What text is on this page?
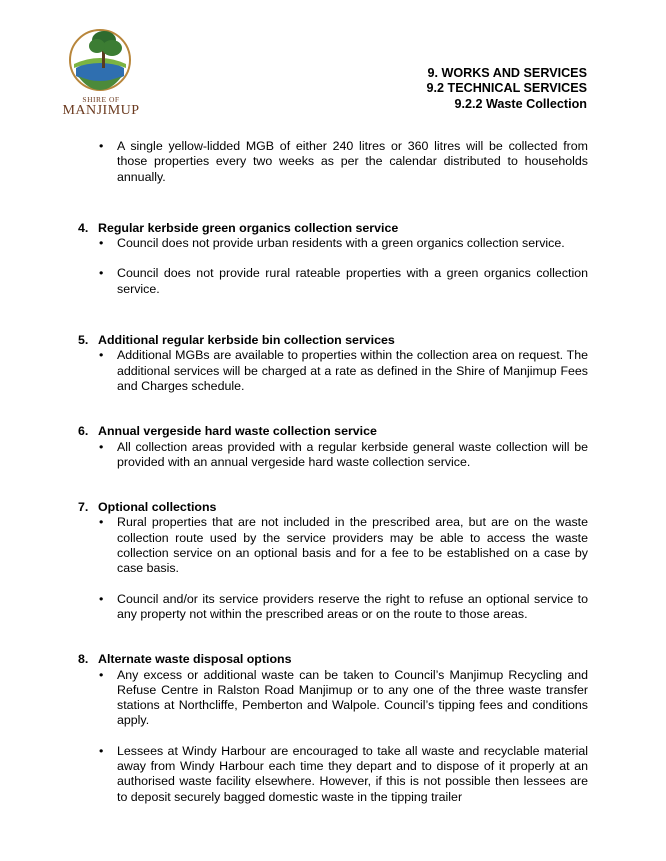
SHIRE OF
MANJIMUP
9. WORKS AND SERVICES
9.2 TECHNICAL SERVICES
9.2.2 Waste Collection
• A single yellow-lidded MGB of either 240 litres or 360 litres will be collected from those properties every two weeks as per the calendar distributed to households annually.

4. Regular kerbside green organics collection service

• Council does not provide urban residents with a green organics collection service.
• Council does not provide rural rateable properties with a green organics collection service.

5. Additional regular kerbside bin collection services

• Additional MGBs are available to properties within the collection area on request. The additional services will be charged at a rate as defined in the Shire of Manjimup Fees and Charges schedule.

6. Annual vergeside hard waste collection service

• All collection areas provided with a regular kerbside general waste collection will be provided with an annual vergeside hard waste collection service.

7. Optional collections

• Rural properties that are not included in the prescribed area, but are on the waste collection route used by the service providers may be able to access the waste collection service on an optional basis and for a fee to be established on a case by case basis.
• Council and/or its service providers reserve the right to refuse an optional service to any property not within the prescribed areas or on the route to those areas.

8. Alternate waste disposal options

• Any excess or additional waste can be taken to Council’s Manjimup Recycling and Refuse Centre in Ralston Road Manjimup or to any one of the three waste transfer stations at Northcliffe, Pemberton and Walpole. Council’s tipping fees and conditions apply.
• Lessees at Windy Harbour are encouraged to take all waste and recyclable material away from Windy Harbour each time they depart and to dispose of it properly at an authorised waste facility elsewhere. However, if this is not possible then lessees are to deposit securely bagged domestic waste in the tipping trailer
